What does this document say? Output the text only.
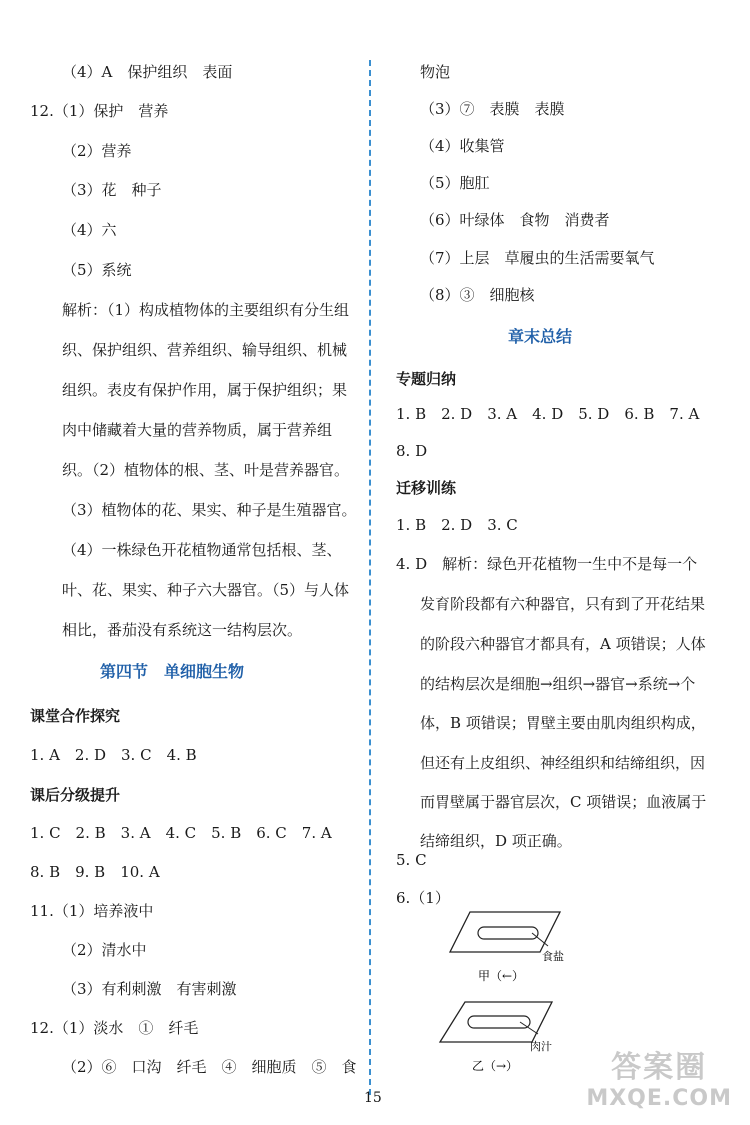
（4）A　保护组织　表面
12.（1）保护　营养
（2）营养
（3）花　种子
（4）六
（5）系统
解析：（1）构成植物体的主要组织有分生组
织、保护组织、营养组织、输导组织、机械
组织。表皮有保护作用，属于保护组织；果
肉中储藏着大量的营养物质，属于营养组
织。（2）植物体的根、茎、叶是营养器官。
（3）植物体的花、果实、种子是生殖器官。
（4）一株绿色开花植物通常包括根、茎、
叶、花、果实、种子六大器官。（5）与人体
相比，番茄没有系统这一结构层次。
第四节　单细胞生物
课堂合作探究
1. A　2. D　3. C　4. B
课后分级提升
1. C　2. B　3. A　4. C　5. B　6. C　7. A
8. B　9. B　10. A
11.（1）培养液中
（2）清水中
（3）有利刺激　有害刺激
12.（1）淡水　①　纤毛
（2）⑥　口沟　纤毛　④　细胞质　⑤　食
物泡
（3）⑦　表膜　表膜
（4）收集管
（5）胞肛
（6）叶绿体　食物　消费者
（7）上层　草履虫的生活需要氧气
（8）③　细胞核
章末总结
专题归纳
1. B　2. D　3. A　4. D　5. D　6. B　7. A
8. D
迁移训练
1. B　2. D　3. C
4. D　解析：绿色开花植物一生中不是每一个
发育阶段都有六种器官，只有到了开花结果
的阶段六种器官才都具有，A 项错误；人体
的结构层次是细胞→组织→器官→系统→个
体，B 项错误；胃壁主要由肌肉组织构成，
但还有上皮组织、神经组织和结缔组织，因
而胃壁属于器官层次，C 项错误；血液属于
结缔组织，D 项正确。
5. C
6.（1）
食盐
甲（←）
肉汁
乙（→）
15
答案圈
MXQE.COM
